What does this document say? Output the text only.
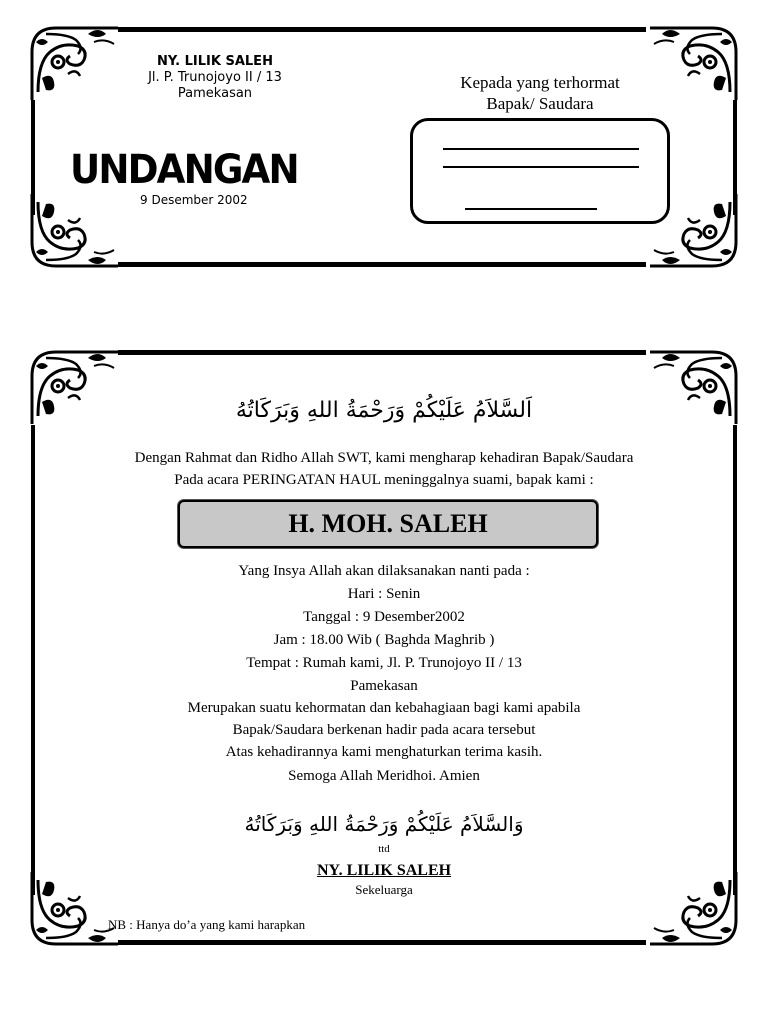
NY. LILIK SALEH
Jl. P. Trunojoyo II / 13
Pamekasan
UNDANGAN
9 Desember 2002
Kepada yang terhormat
Bapak/ Saudara
اَلسَّلاَمُ عَلَيْكُمْ وَرَحْمَةُ اللهِ وَبَرَكَاتُهُ
Dengan Rahmat dan Ridho Allah SWT, kami mengharap kehadiran Bapak/Saudara
Pada acara PERINGATAN HAUL meninggalnya suami, bapak kami :
H. MOH. SALEH
Yang Insya Allah akan dilaksanakan nanti pada :
Hari : Senin
Tanggal : 9 Desember2002
Jam : 18.00 Wib ( Baghda Maghrib )
Tempat : Rumah kami, Jl. P. Trunojoyo II / 13
Pamekasan
Merupakan suatu kehormatan dan kebahagiaan bagi kami apabila
Bapak/Saudara berkenan hadir pada acara tersebut
Atas kehadirannya kami menghaturkan terima kasih.
Semoga Allah Meridhoi. Amien
وَالسَّلاَمُ عَلَيْكُمْ وَرَحْمَةُ اللهِ وَبَرَكَاتُهُ
ttd
NY. LILIK SALEH
Sekeluarga
NB : Hanya do’a yang kami harapkan
